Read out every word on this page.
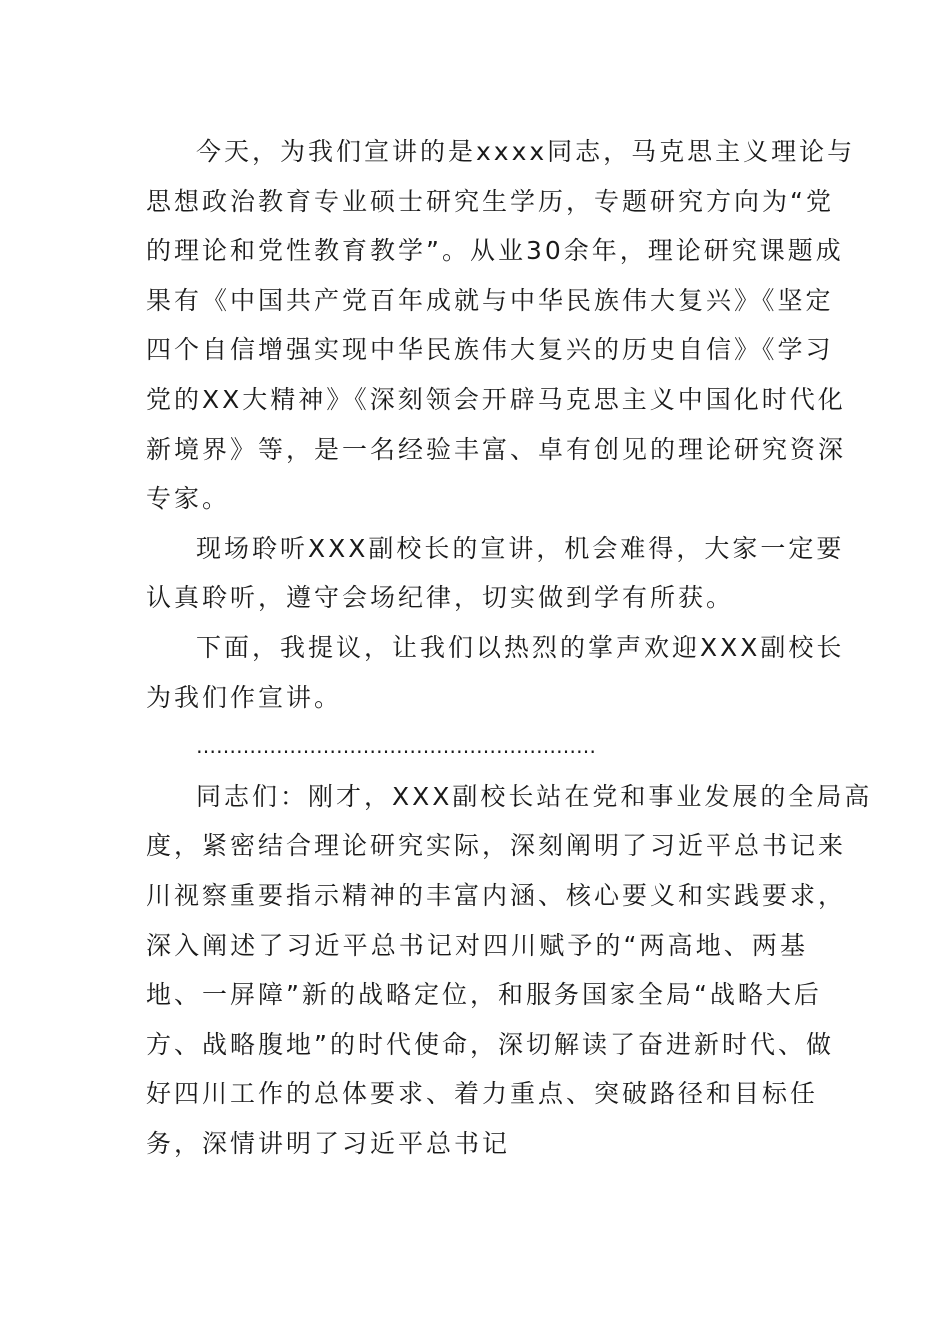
今天，为我们宣讲的是xxxx同志，马克思主义理论与
思想政治教育专业硕士研究生学历，专题研究方向为“党
的理论和党性教育教学”。从业30余年，理论研究课题成
果有《中国共产党百年成就与中华民族伟大复兴》《坚定
四个自信增强实现中华民族伟大复兴的历史自信》《学习
党的XX大精神》《深刻领会开辟马克思主义中国化时代化
新境界》等，是一名经验丰富、卓有创见的理论研究资深
专家。
现场聆听XXX副校长的宣讲，机会难得，大家一定要
认真聆听，遵守会场纪律，切实做到学有所获。
下面，我提议，让我们以热烈的掌声欢迎XXX副校长
为我们作宣讲。
……………………………………………………
同志们：刚才，XXX副校长站在党和事业发展的全局高
度，紧密结合理论研究实际，深刻阐明了习近平总书记来
川视察重要指示精神的丰富内涵、核心要义和实践要求，
深入阐述了习近平总书记对四川赋予的“两高地、两基
地、一屏障”新的战略定位，和服务国家全局“战略大后
方、战略腹地”的时代使命，深切解读了奋进新时代、做
好四川工作的总体要求、着力重点、突破路径和目标任
务，深情讲明了习近平总书记
